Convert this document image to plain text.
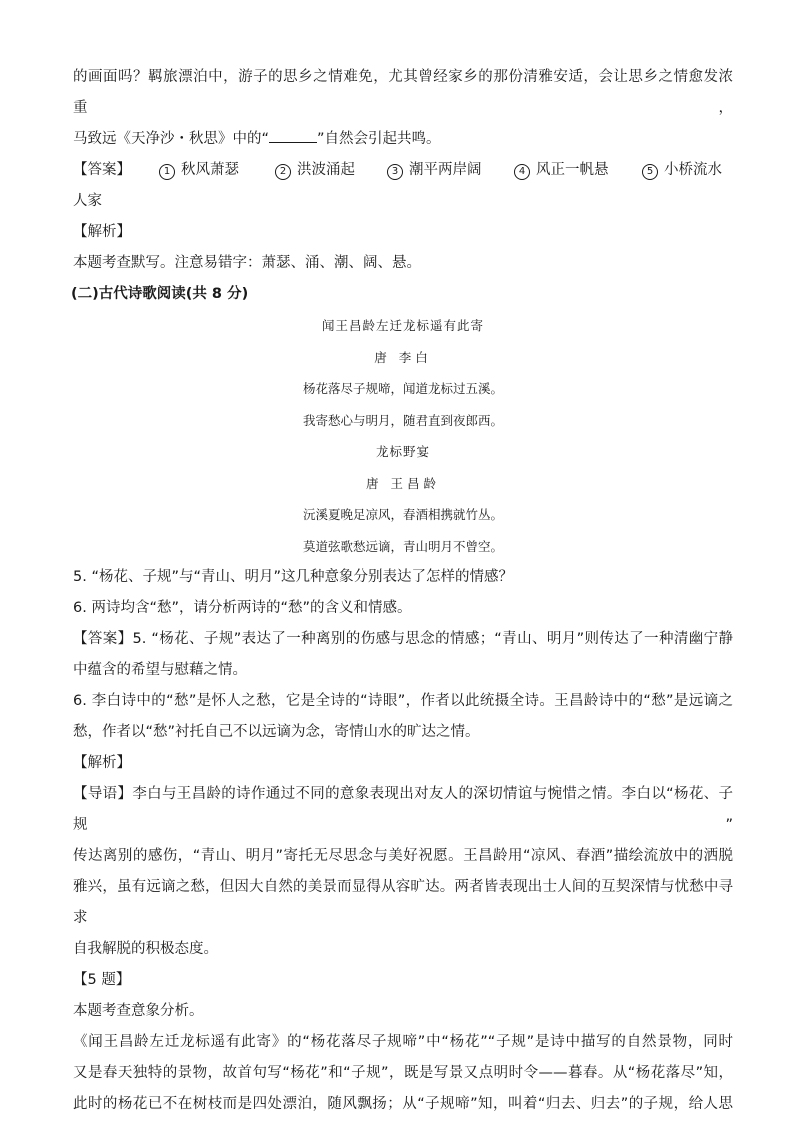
的画面吗？羁旅漂泊中，游子的思乡之情难免，尤其曾经家乡的那份清雅安适，会让思乡之情愈发浓重，
马致远《天净沙・秋思》中的“	”自然会引起共鸣。
【答案】	1 秋风萧瑟	2 洪波涌起	3 潮平两岸阔	4 风正一帆悬	5 小桥流水
人家
【解析】
本题考查默写。注意易错字：萧瑟、涌、潮、阔、悬。
(二)古代诗歌阅读(共 8 分)
闻王昌龄左迁龙标遥有此寄
唐 李白
杨花落尽子规啼，闻道龙标过五溪。
我寄愁心与明月，随君直到夜郎西。
龙标野宴
唐 王昌龄
沅溪夏晚足凉风，春酒相携就竹丛。
莫道弦歌愁远谪，青山明月不曾空。
5. “杨花、子规”与“青山、明月”这几种意象分别表达了怎样的情感？
6. 两诗均含“愁”，请分析两诗的“愁”的含义和情感。
【答案】5. “杨花、子规”表达了一种离别的伤感与思念的情感；“青山、明月”则传达了一种清幽宁静
中蕴含的希望与慰藉之情。
6. 李白诗中的“愁”是怀人之愁，它是全诗的“诗眼”，作者以此统摄全诗。王昌龄诗中的“愁”是远谪之
愁，作者以“愁”衬托自己不以远谪为念，寄情山水的旷达之情。
【解析】
【导语】李白与王昌龄的诗作通过不同的意象表现出对友人的深切情谊与惋惜之情。李白以“杨花、子规”
传达离别的感伤，“青山、明月”寄托无尽思念与美好祝愿。王昌龄用“凉风、春酒”描绘流放中的洒脱
雅兴，虽有远谪之愁，但因大自然的美景而显得从容旷达。两者皆表现出士人间的互契深情与忧愁中寻求
自我解脱的积极态度。
【5 题】
本题考查意象分析。
《闻王昌龄左迁龙标遥有此寄》的“杨花落尽子规啼”中“杨花”“子规”是诗中描写的自然景物，同时
又是春天独特的景物，故首句写“杨花”和“子规”，既是写景又点明时令——暮春。从“杨花落尽”知，
此时的杨花已不在树枝而是四处漂泊，随风飘扬；从“子规啼”知，叫着“归去、归去”的子规，给人思
